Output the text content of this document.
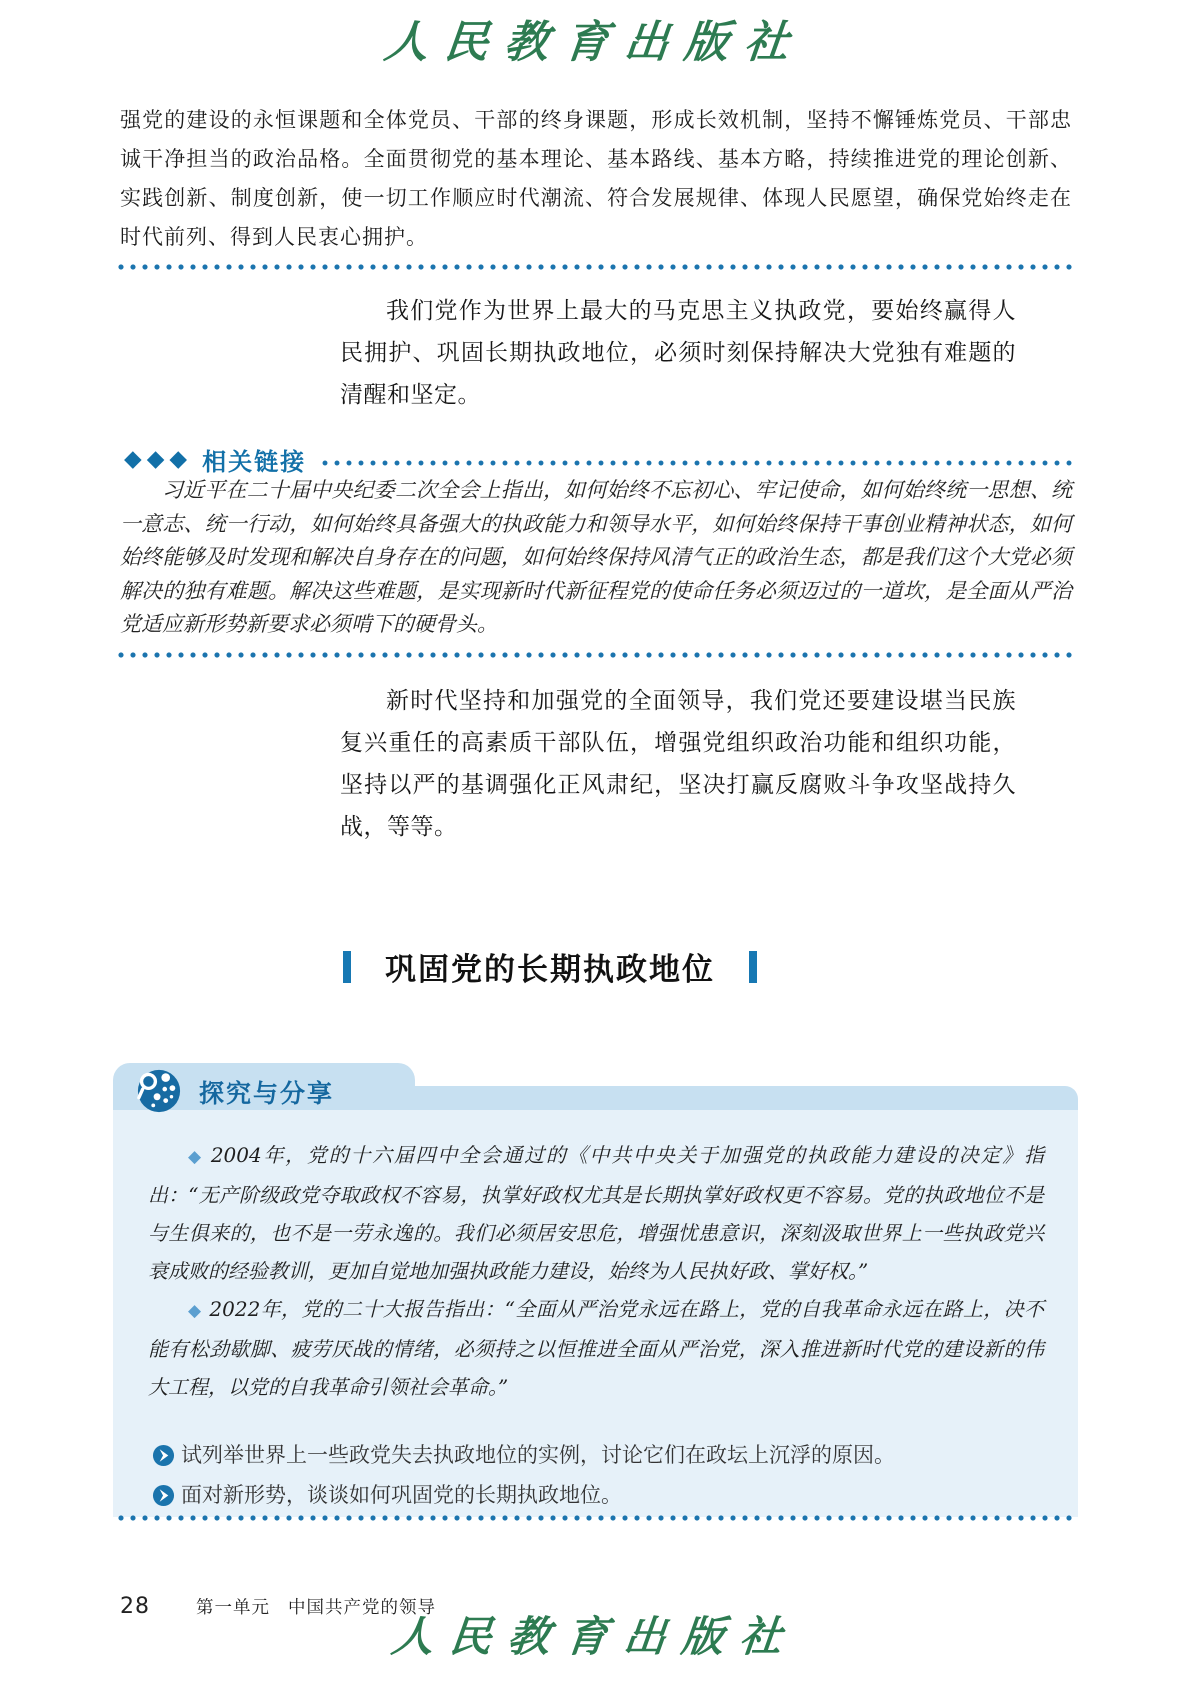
人民教育出版社

强党的建设的永恒课题和全体党员、干部的终身课题，形成长效机制，坚持不懈锤炼党员、干部忠诚干净担当的政治品格。全面贯彻党的基本理论、基本路线、基本方略，持续推进党的理论创新、实践创新、制度创新，使一切工作顺应时代潮流、符合发展规律、体现人民愿望，确保党始终走在时代前列、得到人民衷心拥护。

我们党作为世界上最大的马克思主义执政党，要始终赢得人民拥护、巩固长期执政地位，必须时刻保持解决大党独有难题的清醒和坚定。

◆ ◆ ◆ 相关链接

习近平在二十届中央纪委二次全会上指出，如何始终不忘初心、牢记使命，如何始终统一思想、统一意志、统一行动，如何始终具备强大的执政能力和领导水平，如何始终保持干事创业精神状态，如何始终能够及时发现和解决自身存在的问题，如何始终保持风清气正的政治生态，都是我们这个大党必须解决的独有难题。解决这些难题，是实现新时代新征程党的使命任务必须迈过的一道坎，是全面从严治党适应新形势新要求必须啃下的硬骨头。

新时代坚持和加强党的全面领导，我们党还要建设堪当民族复兴重任的高素质干部队伍，增强党组织政治功能和组织功能，坚持以严的基调强化正风肃纪，坚决打赢反腐败斗争攻坚战持久战，等等。

巩固党的长期执政地位
探究与分享

◆ 2004年，党的十六届四中全会通过的《中共中央关于加强党的执政能力建设的决定》指出：“无产阶级政党夺取政权不容易，执掌好政权尤其是长期执掌好政权更不容易。党的执政地位不是与生俱来的，也不是一劳永逸的。我们必须居安思危，增强忧患意识，深刻汲取世界上一些执政党兴衰成败的经验教训，更加自觉地加强执政能力建设，始终为人民执好政、掌好权。”

◆ 2022年，党的二十大报告指出：“全面从严治党永远在路上，党的自我革命永远在路上，决不能有松劲歇脚、疲劳厌战的情绪，必须持之以恒推进全面从严治党，深入推进新时代党的建设新的伟大工程，以党的自我革命引领社会革命。”

试列举世界上一些政党失去执政地位的实例，讨论它们在政坛上沉浮的原因。
面对新形势，谈谈如何巩固党的长期执政地位。
28	第一单元 中国共产党的领导
人民教育出版社
